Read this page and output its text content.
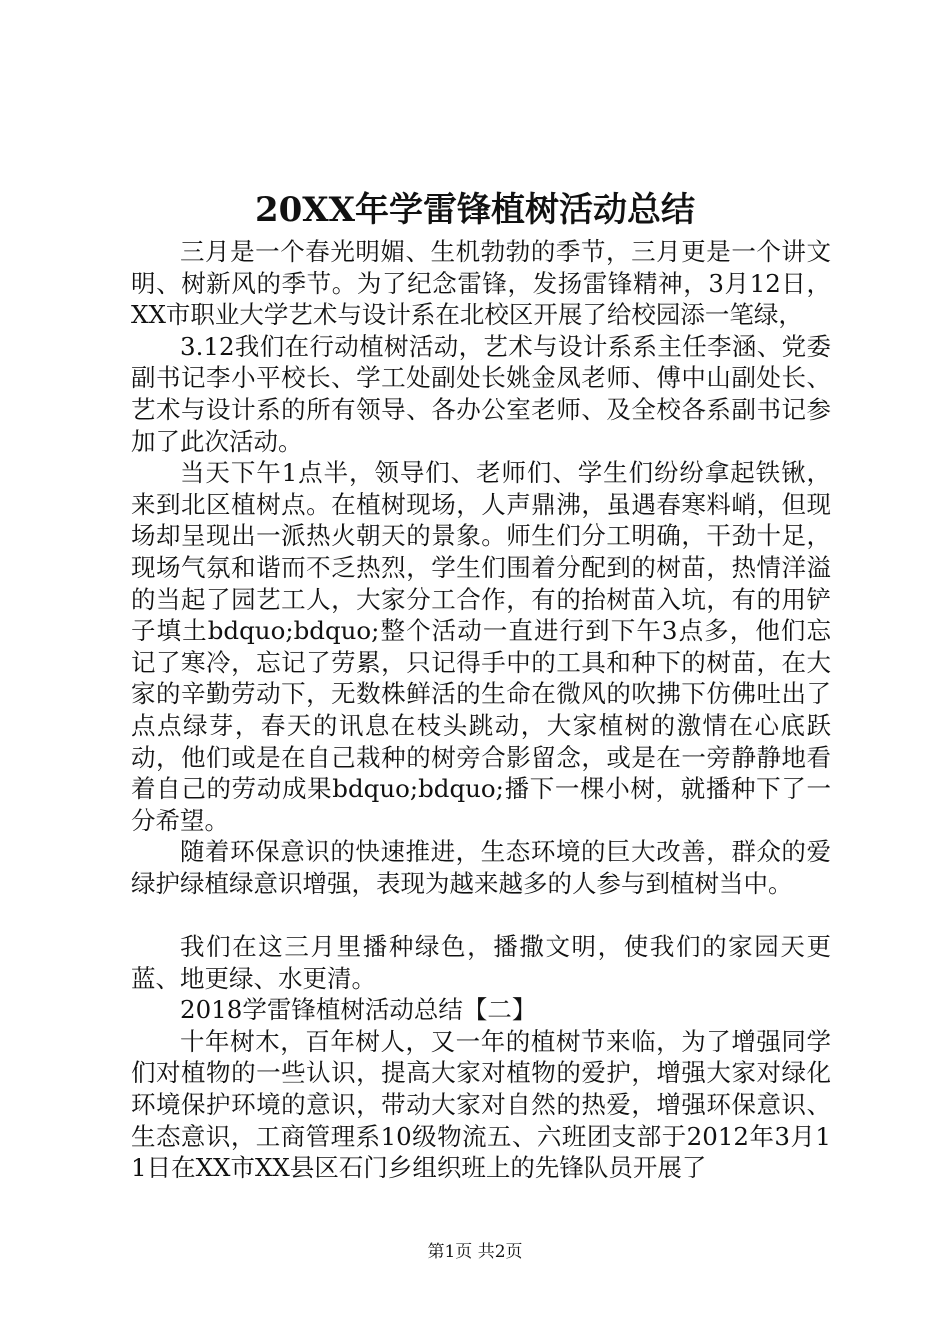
20XX年学雷锋植树活动总结

三月是一个春光明媚、生机勃勃的季节，三月更是一个讲文明、树新风的季节。为了纪念雷锋，发扬雷锋精神，3月12日，XX市职业大学艺术与设计系在北校区开展了给校园添一笔绿，

3.12我们在行动植树活动，艺术与设计系系主任李涵、党委副书记李小平校长、学工处副处长姚金凤老师、傅中山副处长、艺术与设计系的所有领导、各办公室老师、及全校各系副书记参加了此次活动。

当天下午1点半，领导们、老师们、学生们纷纷拿起铁锹，来到北区植树点。在植树现场，人声鼎沸，虽遇春寒料峭，但现场却呈现出一派热火朝天的景象。师生们分工明确，干劲十足，现场气氛和谐而不乏热烈，学生们围着分配到的树苗，热情洋溢的当起了园艺工人，大家分工合作，有的抬树苗入坑，有的用铲子填土bdquo;bdquo;整个活动一直进行到下午3点多，他们忘记了寒冷，忘记了劳累，只记得手中的工具和种下的树苗，在大家的辛勤劳动下，无数株鲜活的生命在微风的吹拂下仿佛吐出了点点绿芽，春天的讯息在枝头跳动，大家植树的激情在心底跃动，他们或是在自己栽种的树旁合影留念，或是在一旁静静地看着自己的劳动成果bdquo;bdquo;播下一棵小树，就播种下了一分希望。

随着环保意识的快速推进，生态环境的巨大改善，群众的爱绿护绿植绿意识增强，表现为越来越多的人参与到植树当中。

我们在这三月里播种绿色，播撒文明，使我们的家园天更蓝、地更绿、水更清。

2018学雷锋植树活动总结【二】

十年树木，百年树人，又一年的植树节来临，为了增强同学们对植物的一些认识，提高大家对植物的爱护，增强大家对绿化环境保护环境的意识，带动大家对自然的热爱，增强环保意识、生态意识，工商管理系10级物流五、六班团支部于2012年3月11日在XX市XX县区石门乡组织班上的先锋队员开展了

第1页 共2页
